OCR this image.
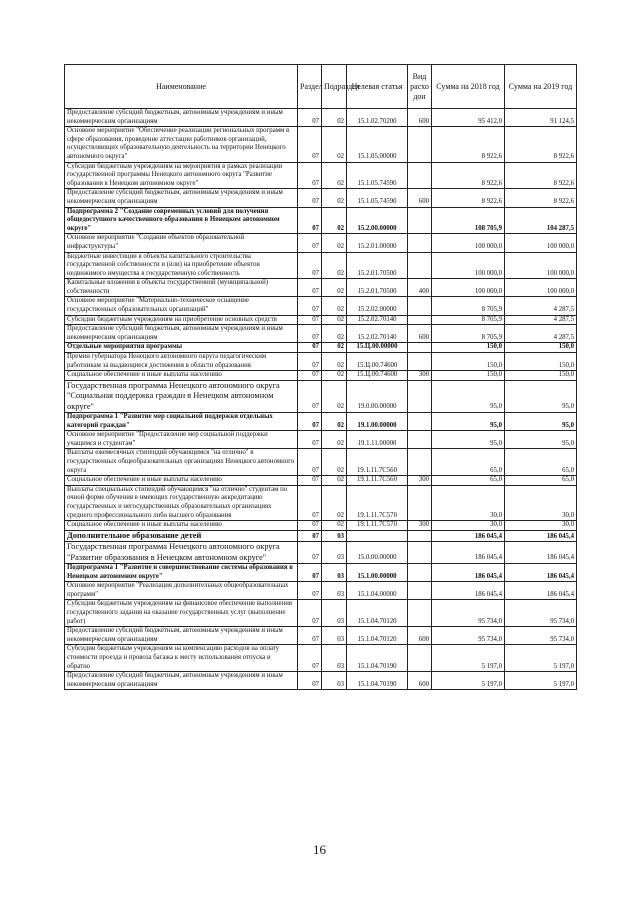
Наименование	Раздел	Подраздел	Целевая статья	Вид расхо дон	Сумма на 2018 год	Сумма на 2019 год
Предоставление субсидий бюджетным, автономным учреждениям и иным некоммерческим организациям	07	02	15.1.02.70200	600	95 412,0	91 124,5
Основное мероприятие "Обеспечение реализации региональных программ в сфере образования, проведение аттестации работников организаций, осуществляющих образовательную деятельность на территории Ненецкого автономного округа"	07	02	15.1.05.00000		8 922,6	8 922,6
Субсидии бюджетным учреждениям на мероприятия в рамках реализации государственной программы Ненецкого автономного округа "Развитие образования в Ненецком автономном округе"	07	02	15.1.05.74590		8 922,6	8 922,6
Предоставление субсидий бюджетным, автономным учреждениям и иным некоммерческим организациям	07	02	15.1.05.74590	600	8 922,6	8 922,6
Подпрограмма 2 "Создание современных условий для получения общедоступного качественного образования в Ненецком автономном округе"	07	02	15.2.00.00000		108 705,9	104 287,5
Основное мероприятие "Создание объектов образовательной инфраструктуры"	07	02	15.2.01.00000		100 000,0	100 000,0
Бюджетные инвестиции в объекты капитального строительства государственной собственности и (или) на приобретение объектов недвижимого имущества в государственную собственность	07	02	15.2.01.70500		100 000,0	100 000,0
Капитальные вложения в объекты государственной (муниципальной) собственности	07	02	15.2.01.70500	400	100 000,0	100 000,0
Основное мероприятие "Материально-техническое оснащение государственных образовательных организаций"	07	02	15.2.02.00000		8 705,9	4 287,5
Субсидии бюджетным учреждениям на приобретение основных средств	07	02	15.2.02.70140		8 705,9	4 287,5
Предоставление субсидий бюджетным, автономным учреждениям и иным некоммерческим организациям	07	02	15.2.02.70140	600	8 705,9	4 287,5
Отдельные мероприятия программы	07	02	15.Ц.00.00000		150,0	150,0
Премии губернатора Ненецкого автономного округа педагогическим работникам за выдающиеся достижения в области образования	07	02	15.Ц.00.74600		150,0	150,0
Социальное обеспечение и иные выплаты населению	07	02	15.Ц.00.74600	300	150,0	150,0
Государственная программа Ненецкого автономного округа "Социальная поддержка граждан в Ненецком автономном округе"	07	02	19.0.00.00000		95,0	95,0
Подпрограмма 1 "Развитие мер социальной поддержки отдельных категорий граждан"	07	02	19.1.00.00000		95,0	95,0
Основное мероприятие "Предоставление мер социальной поддержки учащимся и студентам"	07	02	19.1.11.00000		95,0	95,0
Выплаты ежемесячных стипендий обучающимся "на отлично" в государственных общеобразовательных организациях Ненецкого автономного округа	07	02	19.1.11.7С560		65,0	65,0
Социальное обеспечение и иные выплаты населению	07	02	19.1.11.7С560	300	65,0	65,0
Выплаты специальных стипендий обучающимся "на отлично" студентам по очной форме обучения в имеющих государственную аккредитацию государственных и негосударственных образовательных организациях среднего профессионального либо высшего образования	07	02	19.1.11.7С570		30,0	30,0
Социальное обеспечение и иные выплаты населению	07	02	19.1.11.7С570	300	30,0	30,0
Дополнительное образование детей	07	03			186 045,4	186 045,4
Государственная программа Ненецкого автономного округа "Развитие образования в Ненецком автономном округе"	07	03	15.0.00.00000		186 045,4	186 045,4
Подпрограмма 1 "Развитие и совершенствование системы образования в Ненецком автономном округе"	07	03	15.1.00.00000		186 045,4	186 045,4
Основное мероприятие "Реализация дополнительных общеобразовательных программ"	07	03	15.1.04.00000		186 045,4	186 045,4
Субсидии бюджетным учреждениям на финансовое обеспечение выполнения государственного задания на оказание государственных услуг (выполнение работ)	07	03	15.1.04.70120		95 734,0	95 734,0
Предоставление субсидий бюджетным, автономным учреждениям и иным некоммерческим организациям	07	03	15.1.04.70120	600	95 734,0	95 734,0
Субсидии бюджетным учреждениям на компенсацию расходов на оплату стоимости проезда и провоза багажа к месту использования отпуска и обратно	07	03	15.1.04.70190		5 197,0	5 197,0
Предоставление субсидий бюджетным, автономным учреждениям и иным некоммерческим организациям	07	03	15.1.04.70190	600	5 197,0	5 197,0
16
